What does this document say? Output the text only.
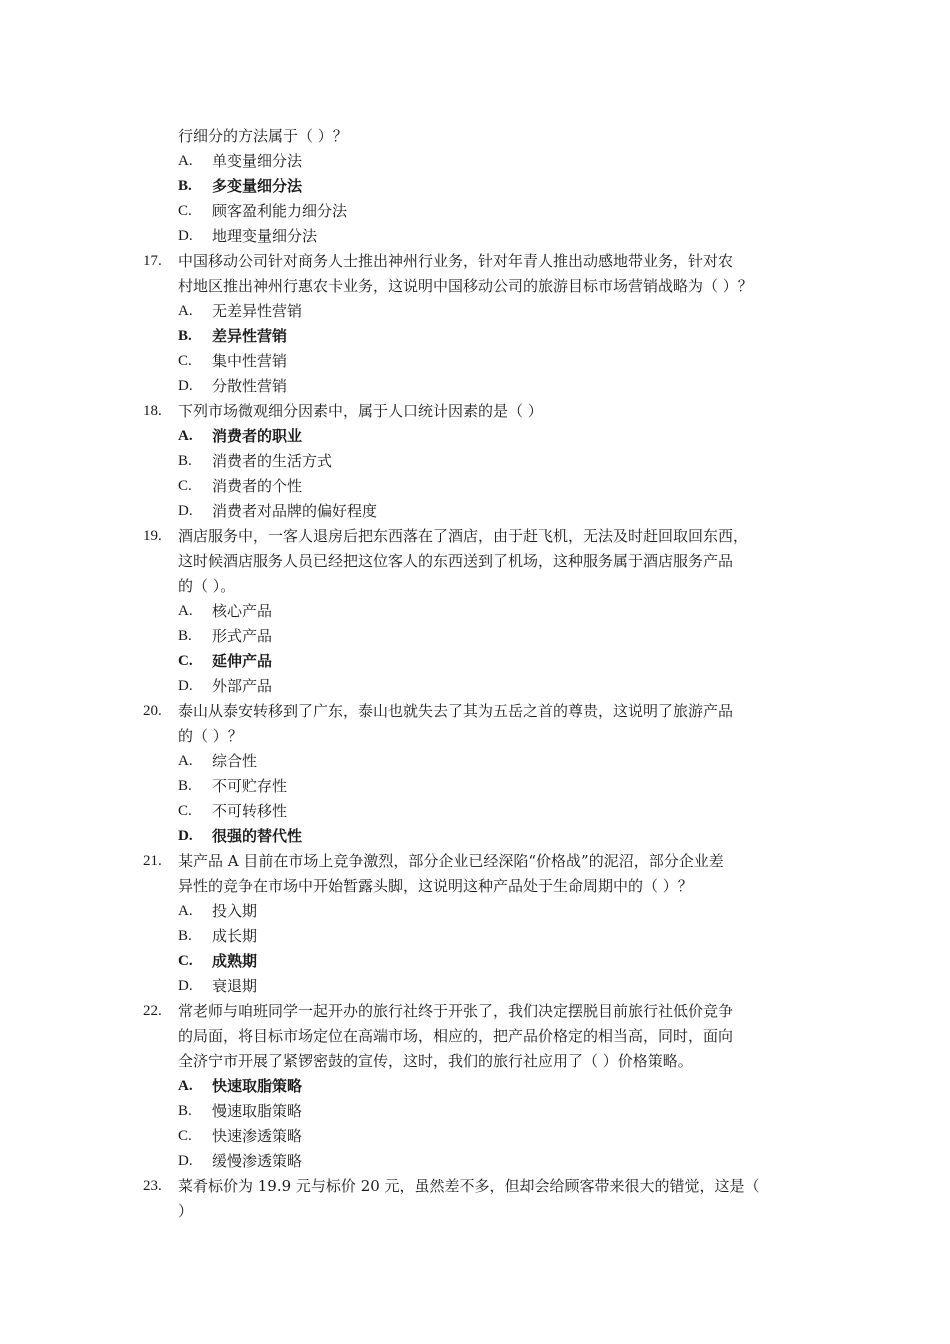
行细分的方法属于（ ）？
A. 单变量细分法
B. 多变量细分法
C. 顾客盈利能力细分法
D. 地理变量细分法
17.	中国移动公司针对商务人士推出神州行业务，针对年青人推出动感地带业务，针对农
村地区推出神州行惠农卡业务，这说明中国移动公司的旅游目标市场营销战略为（ ）？
A. 无差异性营销
B. 差异性营销
C. 集中性营销
D. 分散性营销
18.	下列市场微观细分因素中，属于人口统计因素的是（ ）
A. 消费者的职业
B. 消费者的生活方式
C. 消费者的个性
D. 消费者对品牌的偏好程度
19.	酒店服务中，一客人退房后把东西落在了酒店，由于赶飞机，无法及时赶回取回东西，
这时候酒店服务人员已经把这位客人的东西送到了机场，这种服务属于酒店服务产品
的（ ）。
A. 核心产品
B. 形式产品
C. 延伸产品
D. 外部产品
20.	泰山从泰安转移到了广东，泰山也就失去了其为五岳之首的尊贵，这说明了旅游产品
的（ ）？
A. 综合性
B. 不可贮存性
C. 不可转移性
D. 很强的替代性
21.	某产品 A 目前在市场上竞争激烈，部分企业已经深陷“价格战”的泥沼，部分企业差
异性的竞争在市场中开始暂露头脚，这说明这种产品处于生命周期中的（ ）？
A. 投入期
B. 成长期
C. 成熟期
D. 衰退期
22.	常老师与咱班同学一起开办的旅行社终于开张了，我们决定摆脱目前旅行社低价竞争
的局面，将目标市场定位在高端市场，相应的，把产品价格定的相当高，同时，面向
全济宁市开展了紧锣密鼓的宣传，这时，我们的旅行社应用了（ ）价格策略。
A. 快速取脂策略
B. 慢速取脂策略
C. 快速渗透策略
D. 缓慢渗透策略
23.	菜肴标价为 19.9 元与标价 20 元，虽然差不多，但却会给顾客带来很大的错觉，这是（
）
